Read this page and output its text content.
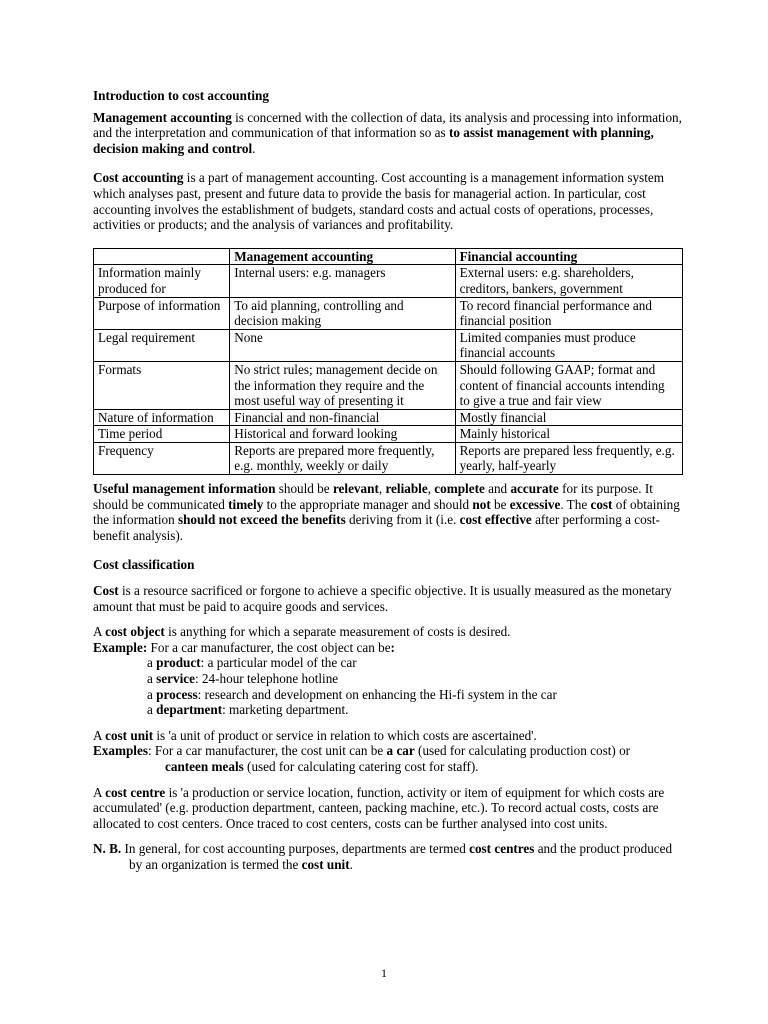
Introduction to cost accounting

Management accounting is concerned with the collection of data, its analysis and processing into information, and the interpretation and communication of that information so as to assist management with planning, decision making and control.

Cost accounting is a part of management accounting. Cost accounting is a management information system which analyses past, present and future data to provide the basis for managerial action. In particular, cost accounting involves the establishment of budgets, standard costs and actual costs of operations, processes, activities or products; and the analysis of variances and profitability.

	Management accounting	Financial accounting
Information mainly produced for	Internal users: e.g. managers	External users: e.g. shareholders, creditors, bankers, government
Purpose of information	To aid planning, controlling and decision making	To record financial performance and financial position
Legal requirement	None	Limited companies must produce financial accounts
Formats	No strict rules; management decide on the information they require and the most useful way of presenting it	Should following GAAP; format and content of financial accounts intending to give a true and fair view
Nature of information	Financial and non-financial	Mostly financial
Time period	Historical and forward looking	Mainly historical
Frequency	Reports are prepared more frequently, e.g. monthly, weekly or daily	Reports are prepared less frequently, e.g. yearly, half-yearly

Useful management information should be relevant, reliable, complete and accurate for its purpose. It should be communicated timely to the appropriate manager and should not be excessive. The cost of obtaining the information should not exceed the benefits deriving from it (i.e. cost effective after performing a cost-benefit analysis).

Cost classification

Cost is a resource sacrificed or forgone to achieve a specific objective. It is usually measured as the monetary amount that must be paid to acquire goods and services.

A cost object is anything for which a separate measurement of costs is desired.

Example: For a car manufacturer, the cost object can be:

a product: a particular model of the car

a service: 24-hour telephone hotline

a process: research and development on enhancing the Hi-fi system in the car

a department: marketing department.

A cost unit is 'a unit of product or service in relation to which costs are ascertained'.

Examples: For a car manufacturer, the cost unit can be a car (used for calculating production cost) or

canteen meals (used for calculating catering cost for staff).

A cost centre is 'a production or service location, function, activity or item of equipment for which costs are accumulated' (e.g. production department, canteen, packing machine, etc.). To record actual costs, costs are allocated to cost centers. Once traced to cost centers, costs can be further analysed into cost units.

N. B. In general, for cost accounting purposes, departments are termed cost centres and the product produced by an organization is termed the cost unit.

1
